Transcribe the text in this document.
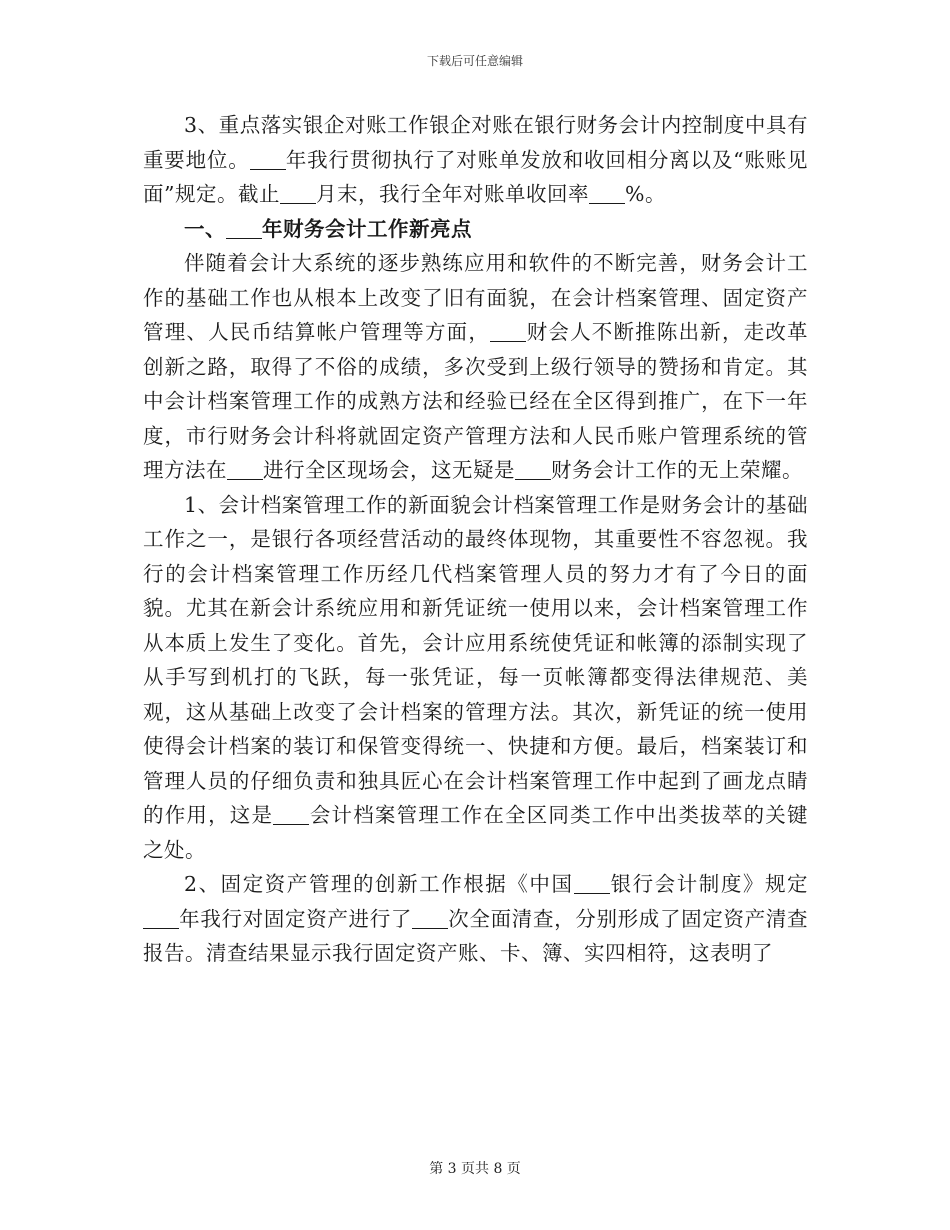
下载后可任意编辑

3、重点落实银企对账工作银企对账在银行财务会计内控制度中具有重要地位。 年我行贯彻执行了对账单发放和收回相分离以及“账账见面”规定。截止 月末，我行全年对账单收回率 %。

一、 年财务会计工作新亮点

伴随着会计大系统的逐步熟练应用和软件的不断完善，财务会计工作的基础工作也从根本上改变了旧有面貌，在会计档案管理、固定资产管理、人民币结算帐户管理等方面， 财会人不断推陈出新，走改革创新之路，取得了不俗的成绩，多次受到上级行领导的赞扬和肯定。其中会计档案管理工作的成熟方法和经验已经在全区得到推广，在下一年度，市行财务会计科将就固定资产管理方法和人民币账户管理系统的管理方法在 进行全区现场会，这无疑是 财务会计工作的无上荣耀。

1、会计档案管理工作的新面貌会计档案管理工作是财务会计的基础工作之一，是银行各项经营活动的最终体现物，其重要性不容忽视。我行的会计档案管理工作历经几代档案管理人员的努力才有了今日的面貌。尤其在新会计系统应用和新凭证统一使用以来，会计档案管理工作从本质上发生了变化。首先，会计应用系统使凭证和帐簿的添制实现了从手写到机打的飞跃，每一张凭证，每一页帐簿都变得法律规范、美观，这从基础上改变了会计档案的管理方法。其次，新凭证的统一使用使得会计档案的装订和保管变得统一、快捷和方便。最后，档案装订和管理人员的仔细负责和独具匠心在会计档案管理工作中起到了画龙点睛的作用，这是 会计档案管理工作在全区同类工作中出类拔萃的关键之处。

2、固定资产管理的创新工作根据《中国 银行会计制度》规定年我行对固定资产进行了 次全面清查，分别形成了固定资产清查报告。清查结果显示我行固定资产账、卡、簿、实四相符，这表明了

第 3 页共 8 页
